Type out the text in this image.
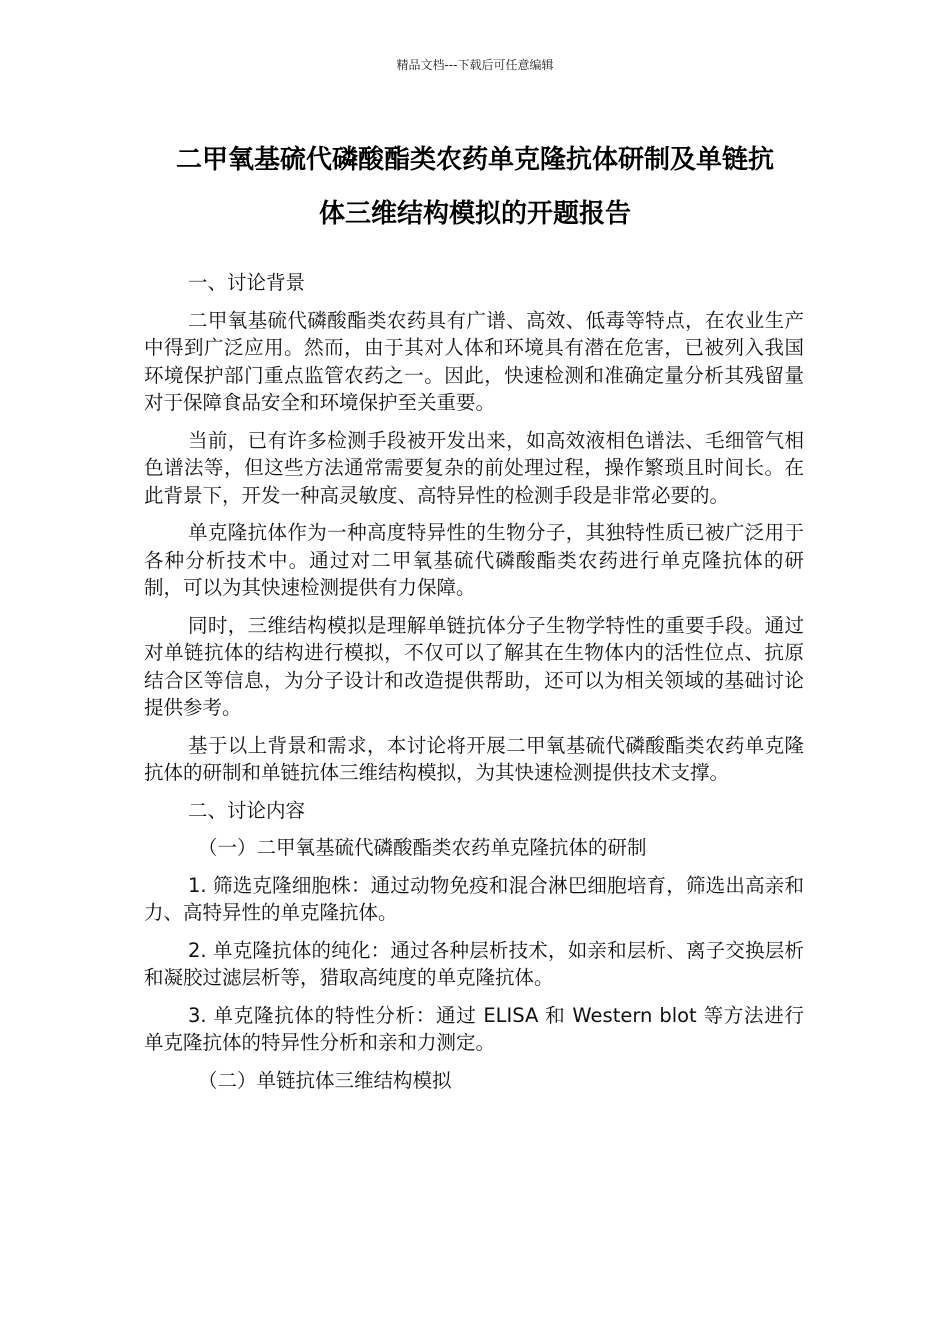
精品文档---下载后可任意编辑
二甲氧基硫代磷酸酯类农药单克隆抗体研制及单链抗
体三维结构模拟的开题报告

一、讨论背景

二甲氧基硫代磷酸酯类农药具有广谱、高效、低毒等特点，在农业生产中得到广泛应用。然而，由于其对人体和环境具有潜在危害，已被列入我国环境保护部门重点监管农药之一。因此，快速检测和准确定量分析其残留量对于保障食品安全和环境保护至关重要。

当前，已有许多检测手段被开发出来，如高效液相色谱法、毛细管气相色谱法等，但这些方法通常需要复杂的前处理过程，操作繁琐且时间长。在此背景下，开发一种高灵敏度、高特异性的检测手段是非常必要的。

单克隆抗体作为一种高度特异性的生物分子，其独特性质已被广泛用于各种分析技术中。通过对二甲氧基硫代磷酸酯类农药进行单克隆抗体的研制，可以为其快速检测提供有力保障。

同时，三维结构模拟是理解单链抗体分子生物学特性的重要手段。通过对单链抗体的结构进行模拟，不仅可以了解其在生物体内的活性位点、抗原结合区等信息，为分子设计和改造提供帮助，还可以为相关领域的基础讨论提供参考。

基于以上背景和需求，本讨论将开展二甲氧基硫代磷酸酯类农药单克隆抗体的研制和单链抗体三维结构模拟，为其快速检测提供技术支撑。

二、讨论内容

（一）二甲氧基硫代磷酸酯类农药单克隆抗体的研制

1. 筛选克隆细胞株：通过动物免疫和混合淋巴细胞培育，筛选出高亲和力、高特异性的单克隆抗体。

2. 单克隆抗体的纯化：通过各种层析技术，如亲和层析、离子交换层析和凝胶过滤层析等，猎取高纯度的单克隆抗体。

3. 单克隆抗体的特性分析：通过 ELISA 和 Western blot 等方法进行单克隆抗体的特异性分析和亲和力测定。

（二）单链抗体三维结构模拟
